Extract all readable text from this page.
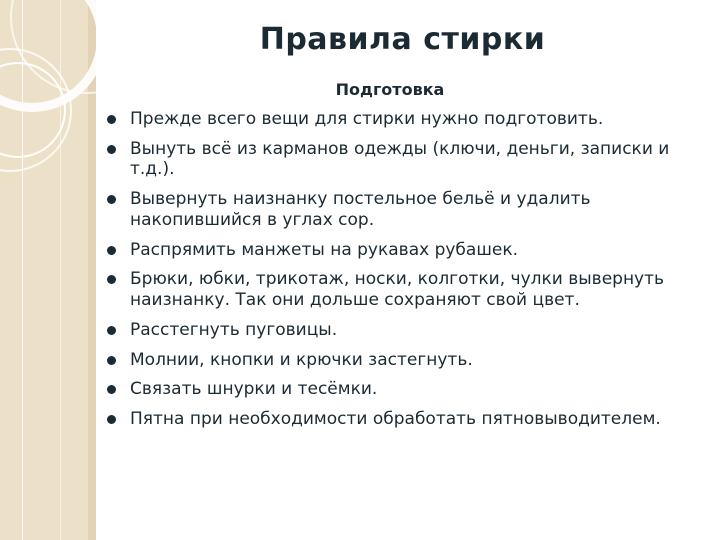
Правила стирки
Подготовка
Прежде всего вещи для стирки нужно подготовить.
Вынуть всё из карманов одежды (ключи, деньги, записки и т.д.).
Вывернуть наизнанку постельное бельё и удалить накопившийся в углах сор.
Распрямить манжеты на рукавах рубашек.
Брюки, юбки, трикотаж, носки, колготки, чулки вывернуть наизнанку. Так они дольше сохраняют свой цвет.
Расстегнуть пуговицы.
Молнии, кнопки и крючки застегнуть.
Связать шнурки и тесёмки.
Пятна при необходимости обработать пятновыводителем.
